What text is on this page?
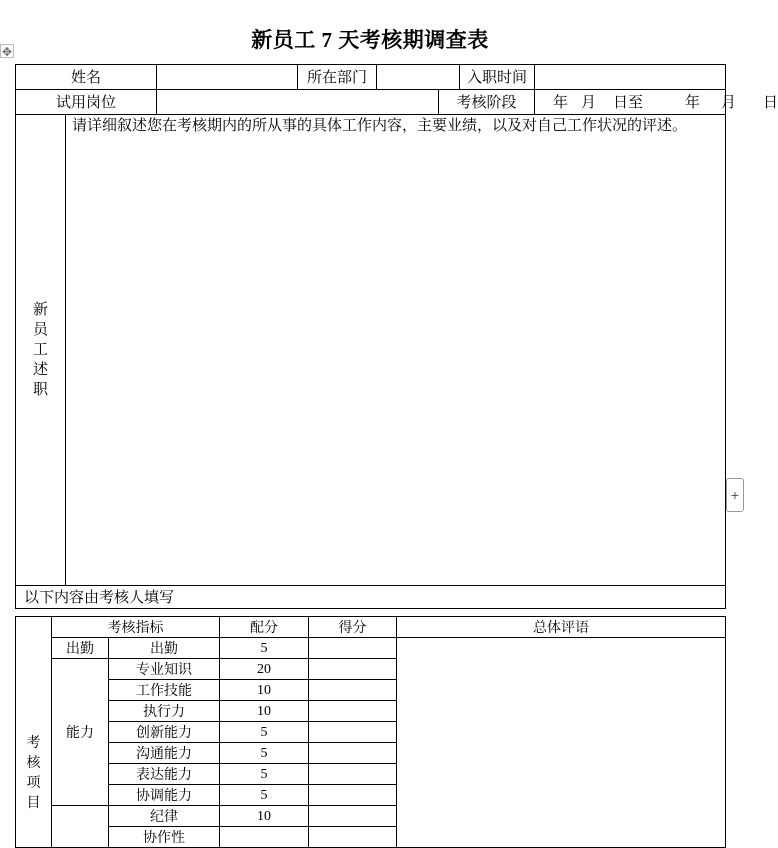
✥	新员工 7 天考核期调查表
姓名			所在部门			入职时间	
试用岗位					考核阶段		年 月 日至 年 月 日

新
员
工
述
职	请详细叙述您在考核期内的所从事的具体工作内容，主要业绩，以及对自己工作状况的评述。						
以下内容由考核人填写							
考
核
项
目	考核指标		配分	得分	总体评语
	出勤	出勤	5		
	能力	专业知识	20		
		工作技能	10		
		执行力	10		
		创新能力	5		
		沟通能力	5		
		表达能力	5		
		协调能力	5		
		纪律	10		
		协作性			
+
